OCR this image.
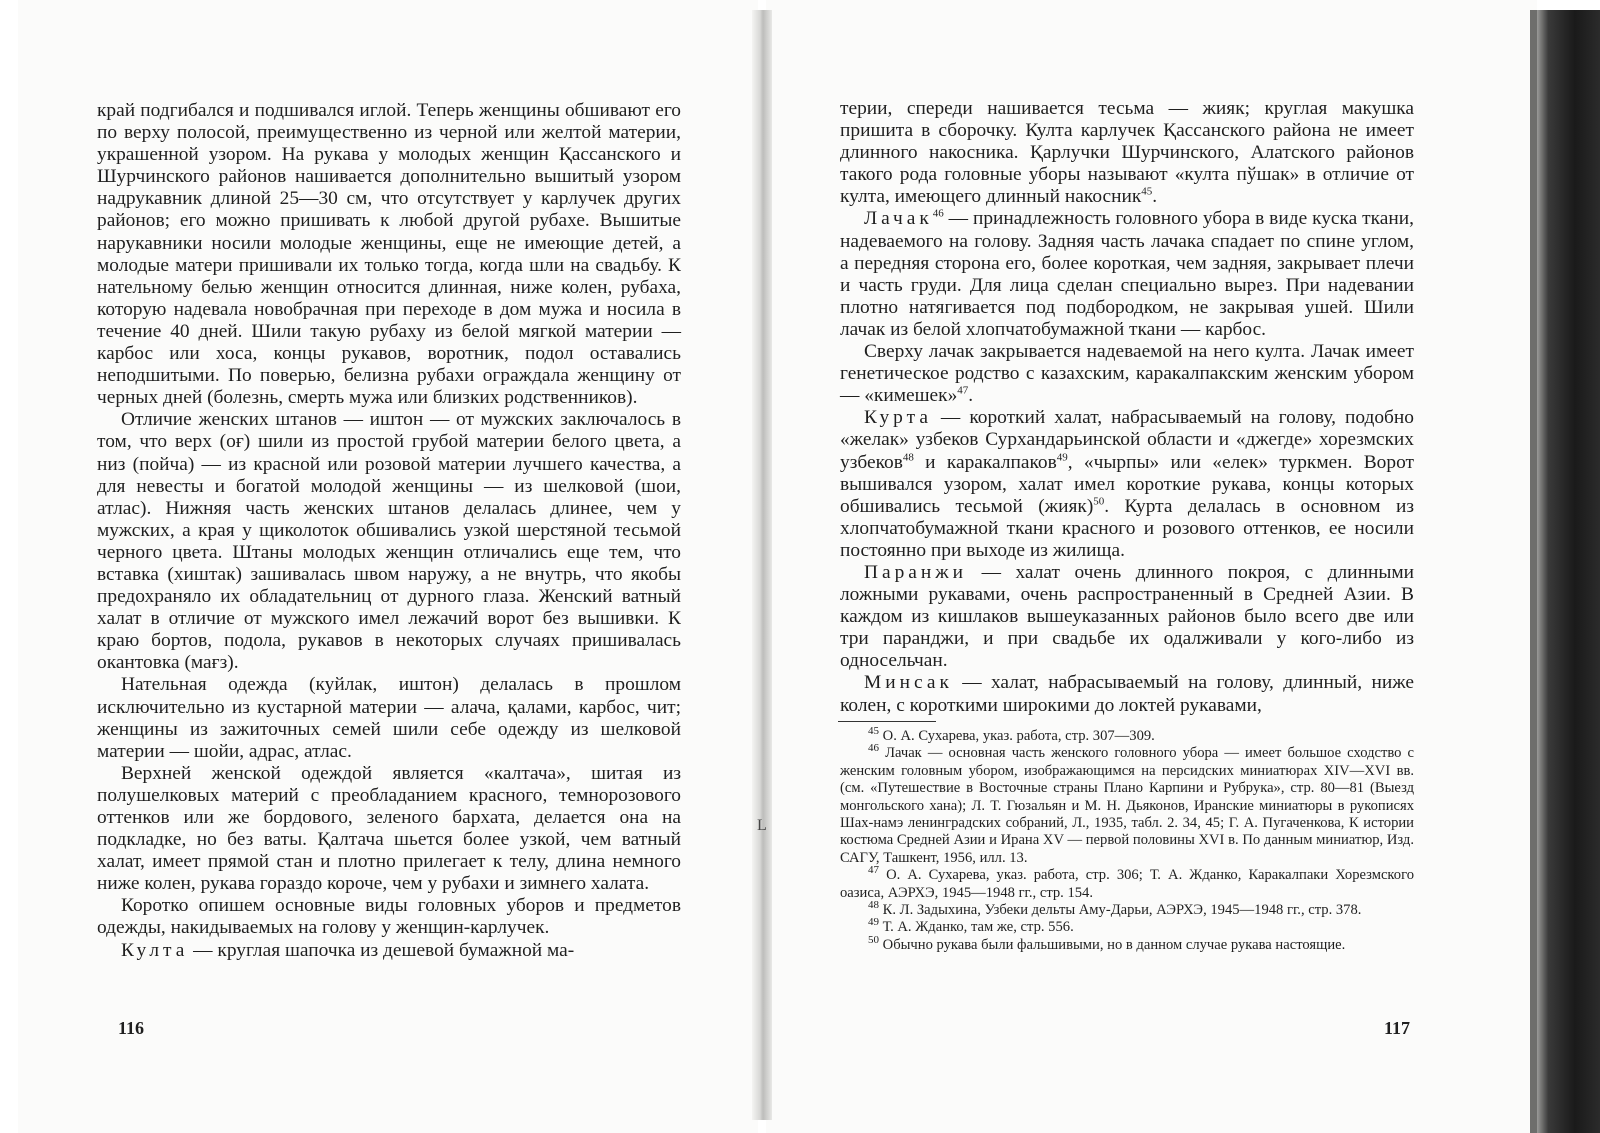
край подгибался и подшивался иглой. Теперь женщины обшивают его по верху полосой, преимущественно из черной или желтой материи, украшенной узором. На рукава у молодых женщин Қассанского и Шурчинского районов нашивается дополнительно вышитый узором надрукавник длиной 25—30 см, что отсутствует у карлучек других районов; его можно пришивать к любой другой рубахе. Вышитые нарукавники носили молодые женщины, еще не имеющие детей, а молодые матери пришивали их только тогда, когда шли на свадьбу. К нательному белью женщин относится длинная, ниже колен, рубаха, которую надевала новобрачная при переходе в дом мужа и носила в течение 40 дней. Шили такую рубаху из белой мягкой материи — карбос или хоса, концы рукавов, воротник, подол оставались неподшитыми. По поверью, белизна рубахи ограждала женщину от черных дней (болезнь, смерть мужа или близких родственников).

Отличие женских штанов — иштон — от мужских заключалось в том, что верх (оғ) шили из простой грубой материи белого цвета, а низ (пойча) — из красной или розовой материи лучшего качества, а для невесты и богатой молодой женщины — из шелковой (шои, атлас). Нижняя часть женских штанов делалась длинее, чем у мужских, а края у щиколоток обшивались узкой шерстяной тесьмой черного цвета. Штаны молодых женщин отличались еще тем, что вставка (хиштак) зашивалась швом наружу, а не внутрь, что якобы предохраняло их обладательниц от дурного глаза. Женский ватный халат в отличие от мужского имел лежачий ворот без вышивки. К краю бортов, подола, рукавов в некоторых случаях пришивалась окантовка (мағз).

Нательная одежда (куйлак, иштон) делалась в прошлом исключительно из кустарной материи — алача, қалами, карбос, чит; женщины из зажиточных семей шили себе одежду из шелковой материи — шойи, адрас, атлас.

Верхней женской одеждой является «калтача», шитая из полушелковых материй с преобладанием красного, темнорозового оттенков или же бордового, зеленого бархата, делается она на подкладке, но без ваты. Қалтача шьется более узкой, чем ватный халат, имеет прямой стан и плотно прилегает к телу, длина немного ниже колен, рукава гораздо короче, чем у рубахи и зимнего халата.

Коротко опишем основные виды головных уборов и предметов одежды, накидываемых на голову у женщин-карлучек.

Култа — круглая шапочка из дешевой бумажной ма-

116
L

терии, спереди нашивается тесьма — жияк; круглая макушка пришита в сборочку. Култа карлучек Қассанского района не имеет длинного накосника. Қарлучки Шурчинского, Алатского районов такого рода головные уборы называют «култа пўшак» в отличие от култа, имеющего длинный накосник$^{45}$.

Лачак$^{46}$ — принадлежность головного убора в виде куска ткани, надеваемого на голову. Задняя часть лачака спадает по спине углом, а передняя сторона его, более короткая, чем задняя, закрывает плечи и часть груди. Для лица сделан специально вырез. При надевании плотно натягивается под подбородком, не закрывая ушей. Шили лачак из белой хлопчатобумажной ткани — карбос.

Сверху лачак закрывается надеваемой на него култа. Лачак имеет генетическое родство с казахским, каракалпакским женским убором — «кимешек»$^{47}$.

Курта — короткий халат, набрасываемый на голову, подобно «желак» узбеков Сурхандарьинской области и «джегде» хорезмских узбеков$^{48}$ и каракалпаков$^{49}$, «чырпы» или «елек» туркмен. Ворот вышивался узором, халат имел короткие рукава, концы которых обшивались тесьмой (жияк)$^{50}$. Курта делалась в основном из хлопчатобумажной ткани красного и розового оттенков, ее носили постоянно при выходе из жилища.

Паранжи — халат очень длинного покроя, с длинными ложными рукавами, очень распространенный в Средней Азии. В каждом из кишлаков вышеуказанных районов было всего две или три паранджи, и при свадьбе их одалживали у кого-либо из односельчан.

Минсак — халат, набрасываемый на голову, длинный, ниже колен, с короткими широкими до локтей рукавами,

$^{45}$ О. А. Сухарева, указ. работа, стр. 307—309.

$^{46}$ Лачак — основная часть женского головного убора — имеет большое сходство с женским головным убором, изображающимся на персидских миниатюрах XIV—XVI вв. (см. «Путешествие в Восточные страны Плано Карпини и Рубрука», стр. 80—81 (Выезд монгольского хана); Л. Т. Гюзальян и М. Н. Дьяконов, Иранские миниатюры в рукописях Шах-намэ ленинградских собраний, Л., 1935, табл. 2. 34, 45; Г. А. Пугаченкова, К истории костюма Средней Азии и Ирана XV — первой половины XVI в. По данным миниатюр, Изд. САГУ, Ташкент, 1956, илл. 13.

$^{47}$ О. А. Сухарева, указ. работа, стр. 306; Т. А. Жданко, Каракалпаки Хорезмского оазиса, АЭРХЭ, 1945—1948 гг., стр. 154.

$^{48}$ К. Л. Задыхина, Узбеки дельты Аму-Дарьи, АЭРХЭ, 1945—1948 гг., стр. 378.

$^{49}$ Т. А. Жданко, там же, стр. 556.

$^{50}$ Обычно рукава были фальшивыми, но в данном случае рукава настоящие.

117
